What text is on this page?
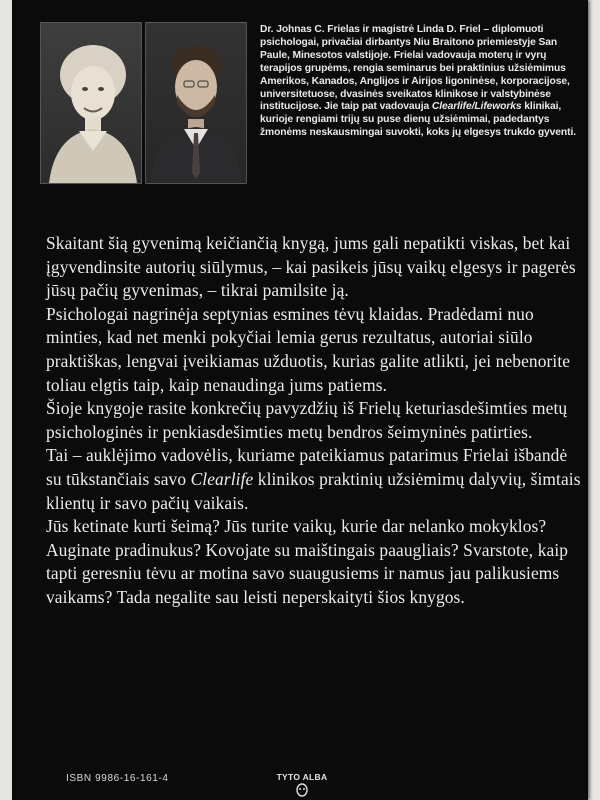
Dr. Johnas C. Frielas ir magistrė Linda D. Friel – diplomuoti psichologai, privačiai dirbantys Niu Braitono priemiestyje San Paule, Minesotos valstijoje. Frielai vadovauja moterų ir vyrų terapijos grupėms, rengia seminarus bei praktinius užsiėmimus Amerikos, Kanados, Anglijos ir Airijos ligoninėse, korporacijose, universitetuose, dvasinės sveikatos klinikose ir valstybinėse institucijose. Jie taip pat vadovauja Clearlife/Lifeworks klinikai, kurioje rengiami trijų su puse dienų užsiėmimai, padedantys žmonėms neskausmingai suvokti, koks jų elgesys trukdo gyventi.

Skaitant šią gyvenimą keičiančią knygą, jums gali nepatikti viskas, bet kai įgyvendinsite autorių siūlymus, – kai pasikeis jūsų vaikų elgesys ir pagerės jūsų pačių gyvenimas, – tikrai pamilsite ją.

Psichologai nagrinėja septynias esmines tėvų klaidas. Pradėdami nuo minties, kad net menki pokyčiai lemia gerus rezultatus, autoriai siūlo praktiškas, lengvai įveikiamas užduotis, kurias galite atlikti, jei nebenorite toliau elgtis taip, kaip nenaudinga jums patiems.

Šioje knygoje rasite konkrečių pavyzdžių iš Frielų keturiasdešimties metų psichologinės ir penkiasdešimties metų bendros šeimyninės patirties.

Tai – auklėjimo vadovėlis, kuriame pateikiamus patarimus Frielai išbandė su tūkstančiais savo Clearlife klinikos praktinių užsiėmimų dalyvių, šimtais klientų ir savo pačių vaikais.

Jūs ketinate kurti šeimą? Jūs turite vaikų, kurie dar nelanko mokyklos? Auginate pradinukus? Kovojate su maištingais paaugliais? Svarstote, kaip tapti geresniu tėvu ar motina savo suaugusiems ir namus jau palikusiems vaikams? Tada negalite sau leisti neperskaityti šios knygos.

ISBN 9986-16-161-4	TYTO ALBA
